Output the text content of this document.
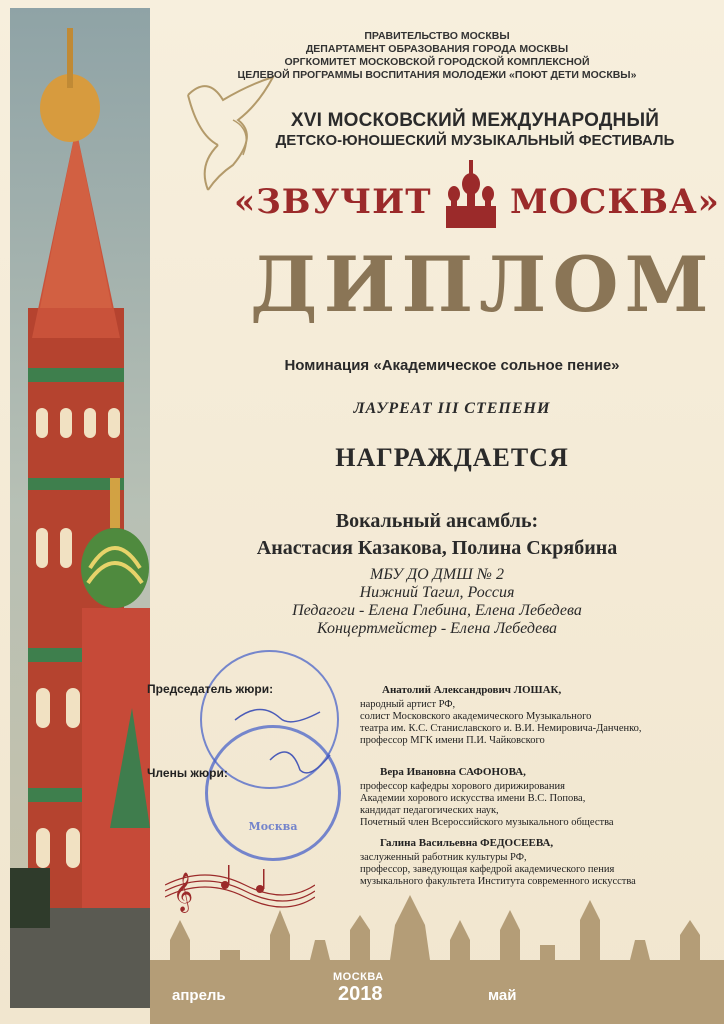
ПРАВИТЕЛЬСТВО МОСКВЫ
ДЕПАРТАМЕНТ ОБРАЗОВАНИЯ ГОРОДА МОСКВЫ
ОРГКОМИТЕТ МОСКОВСКОЙ ГОРОДСКОЙ КОМПЛЕКСНОЙ
ЦЕЛЕВОЙ ПРОГРАММЫ ВОСПИТАНИЯ МОЛОДЕЖИ «ПОЮТ ДЕТИ МОСКВЫ»
XVI МОСКОВСКИЙ МЕЖДУНАРОДНЫЙ
ДЕТСКО-ЮНОШЕСКИЙ МУЗЫКАЛЬНЫЙ ФЕСТИВАЛЬ
«ЗВУЧИТ МОСКВА»
ДИПЛОМ
Номинация «Академическое сольное пение»
ЛАУРЕАТ III СТЕПЕНИ
НАГРАЖДАЕТСЯ
Вокальный ансамбль:
Анастасия Казакова, Полина Скрябина
МБУ ДО ДМШ № 2
Нижний Тагил, Россия
Педагоги - Елена Глебина, Елена Лебедева
Концертмейстер - Елена Лебедева
Москва
Председатель жюри:	Анатолий Александрович ЛОШАК,
народный артист РФ,
солист Московского академического Музыкального
театра им. К.С. Станиславского и. В.И. Немировича-Данченко,
профессор МГК имени П.И. Чайковского
Члены жюри:	Вера Ивановна САФОНОВА,
профессор кафедры хорового дирижирования
Академии хорового искусства имени В.С. Попова,
кандидат педагогических наук,
Почетный член Всероссийского музыкального общества
Галина Васильевна ФЕДОСЕЕВА,
заслуженный работник культуры РФ,
профессор, заведующая кафедрой академического пения
музыкального факультета Института современного искусства
𝄞
апрель
МОСКВА
2018	май
